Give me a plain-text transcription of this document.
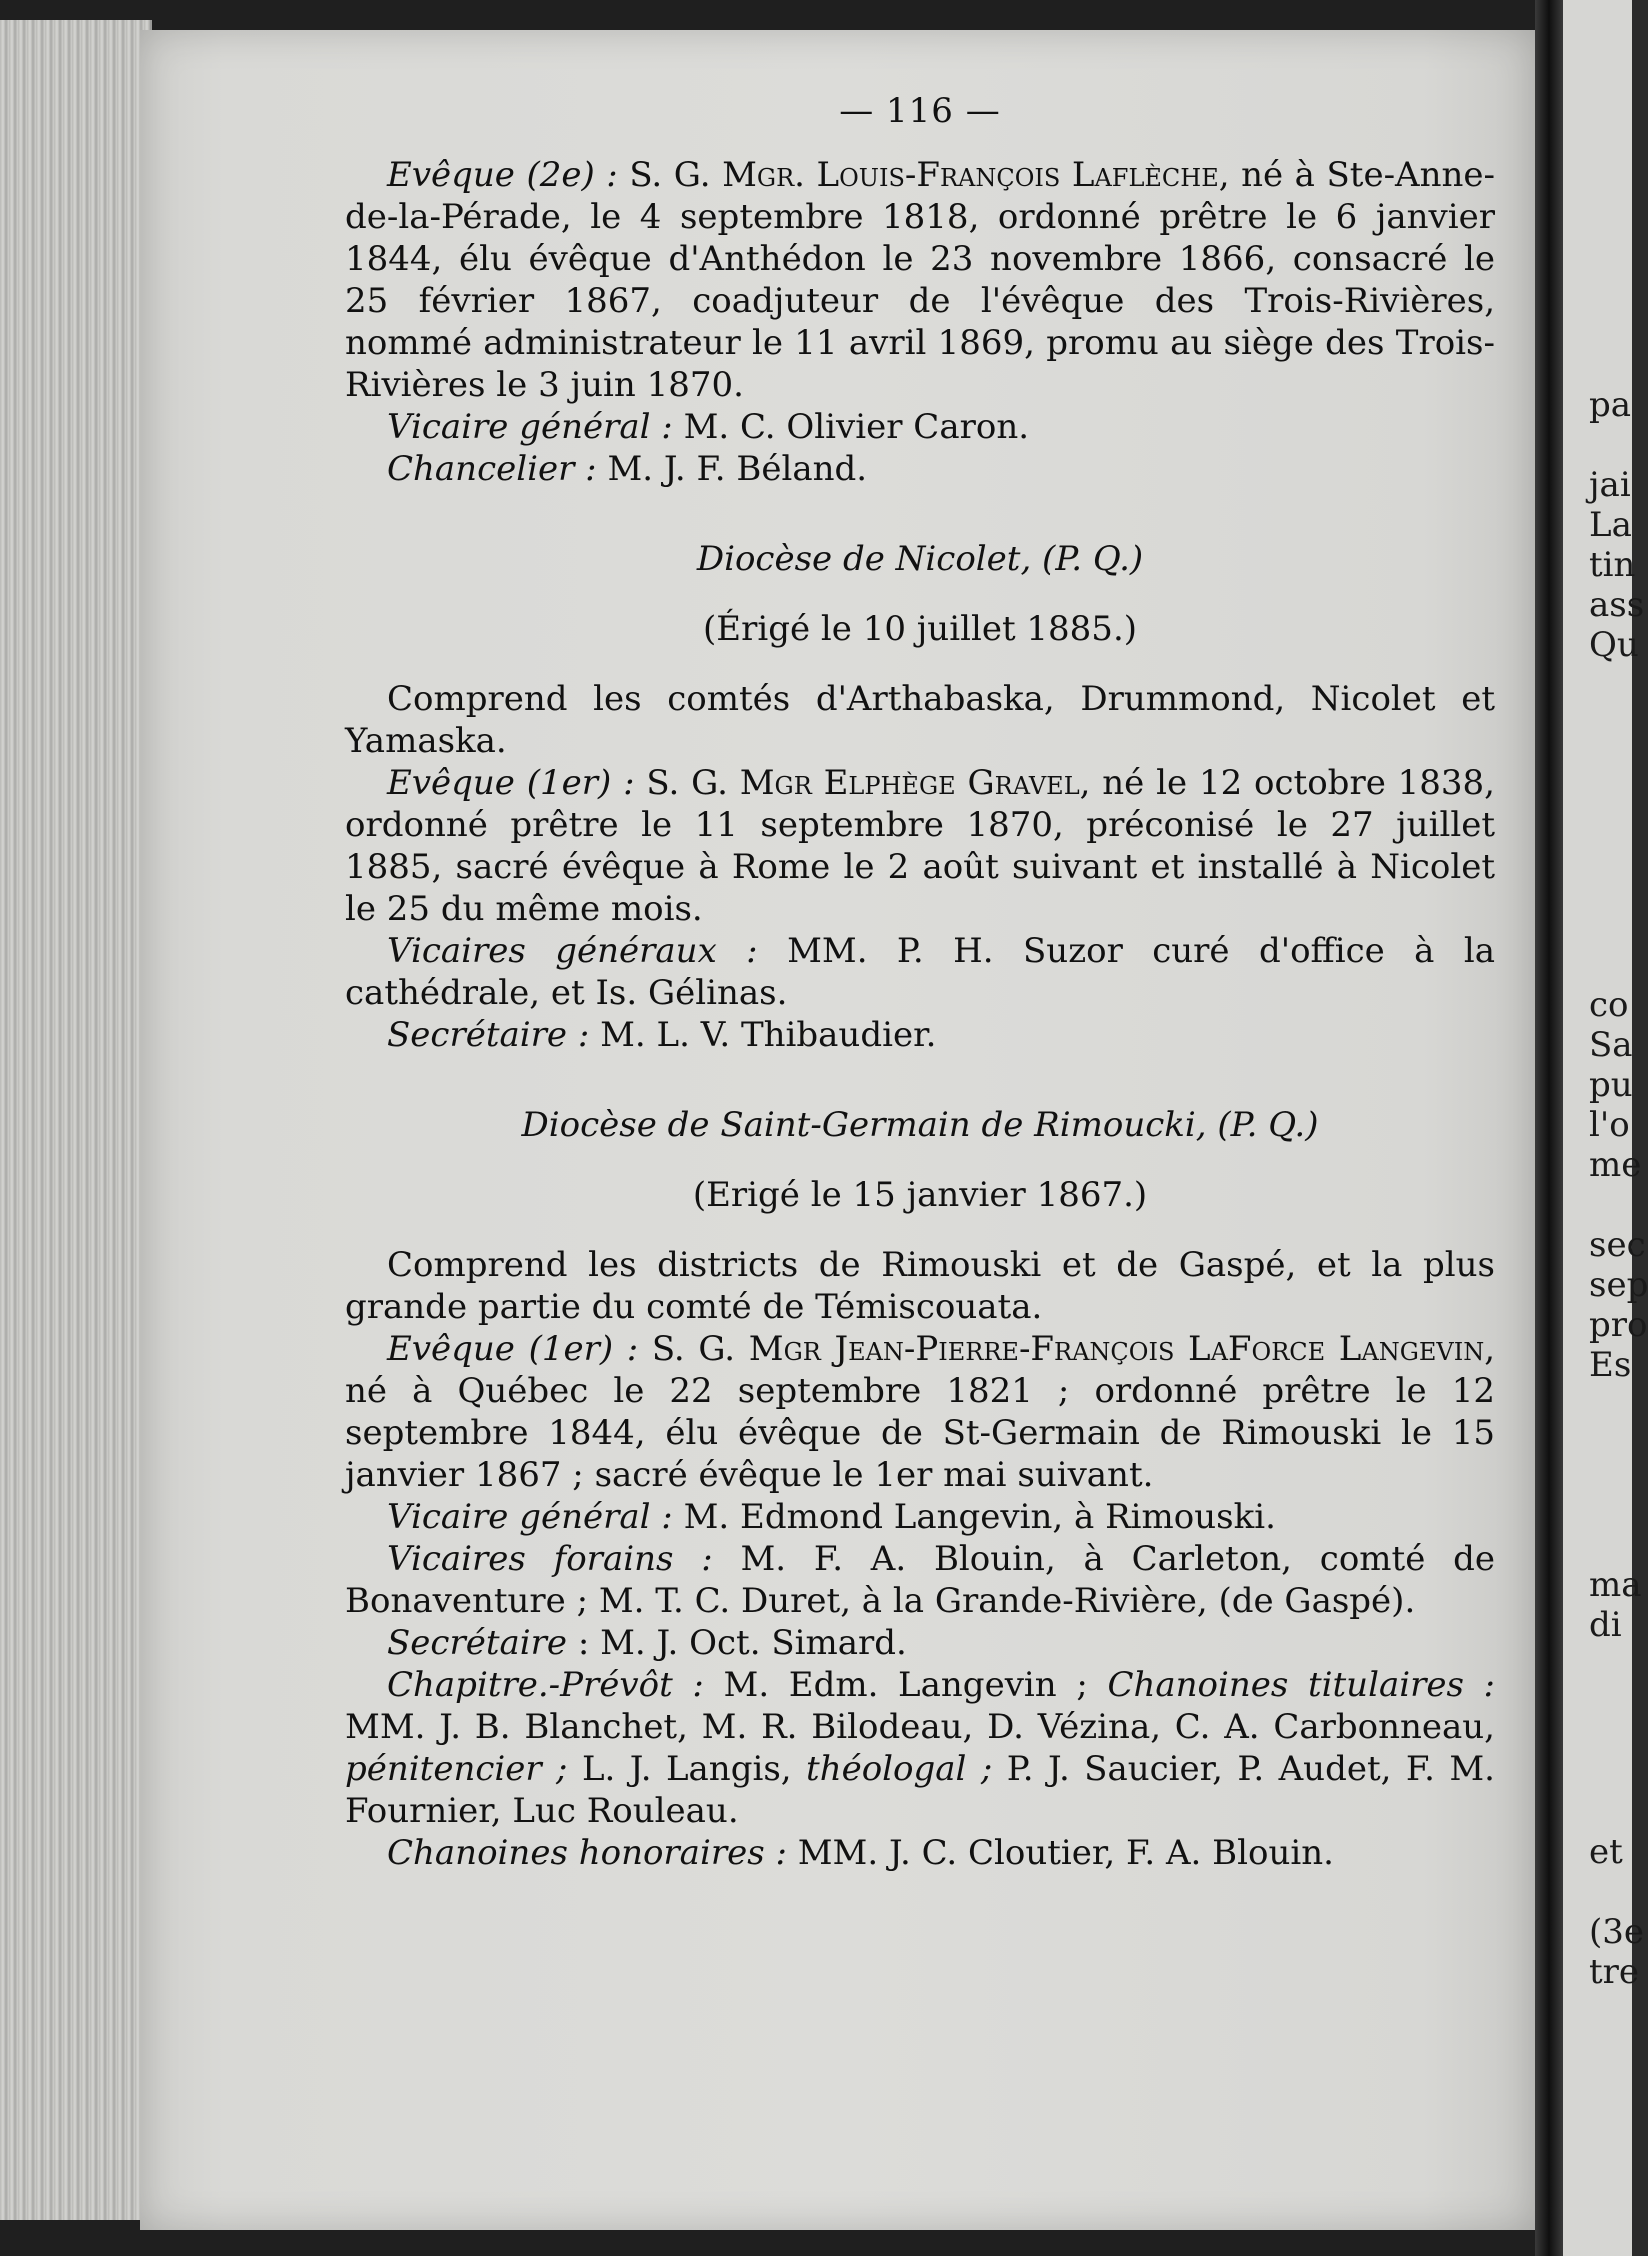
— 116 —

Evêque (2e) : S. G. Mgr. Louis-François Laflèche, né à Ste-Anne-de-la-Pérade, le 4 septembre 1818, ordonné prêtre le 6 janvier 1844, élu évêque d'Anthédon le 23 novembre 1866, consacré le 25 février 1867, coadjuteur de l'évêque des Trois-Rivières, nommé administrateur le 11 avril 1869, promu au siège des Trois-Rivières le 3 juin 1870.

Vicaire général : M. C. Olivier Caron.

Chancelier : M. J. F. Béland.

Diocèse de Nicolet, (P. Q.)
(Érigé le 10 juillet 1885.)

Comprend les comtés d'Arthabaska, Drummond, Nicolet et Yamaska.

Evêque (1er) : S. G. Mgr Elphège Gravel, né le 12 octobre 1838, ordonné prêtre le 11 septembre 1870, préconisé le 27 juillet 1885, sacré évêque à Rome le 2 août suivant et installé à Nicolet le 25 du même mois.

Vicaires généraux : MM. P. H. Suzor curé d'office à la cathédrale, et Is. Gélinas.

Secrétaire : M. L. V. Thibaudier.

Diocèse de Saint-Germain de Rimoucki, (P. Q.)
(Erigé le 15 janvier 1867.)

Comprend les districts de Rimouski et de Gaspé, et la plus grande partie du comté de Témiscouata.

Evêque (1er) : S. G. Mgr Jean-Pierre-François LaForce Langevin, né à Québec le 22 septembre 1821 ; ordonné prêtre le 12 septembre 1844, élu évêque de St-Germain de Rimouski le 15 janvier 1867 ; sacré évêque le 1er mai suivant.

Vicaire général : M. Edmond Langevin, à Rimouski.

Vicaires forains : M. F. A. Blouin, à Carleton, comté de Bonaventure ; M. T. C. Duret, à la Grande-Rivière, (de Gaspé).

Secrétaire : M. J. Oct. Simard.

Chapitre.-Prévôt : M. Edm. Langevin ; Chanoines titulaires : MM. J. B. Blanchet, M. R. Bilodeau, D. Vézina, C. A. Carbonneau, pénitencier ; L. J. Langis, théologal ; P. J. Saucier, P. Audet, F. M. Fournier, Luc Rouleau.

Chanoines honoraires : MM. J. C. Cloutier, F. A. Blouin.

pa
jai
La
tin
ass
Qu
co
Sa
pu
l'o
me
sec
sep
pro
Es
ma
di
et
(3e
tre
